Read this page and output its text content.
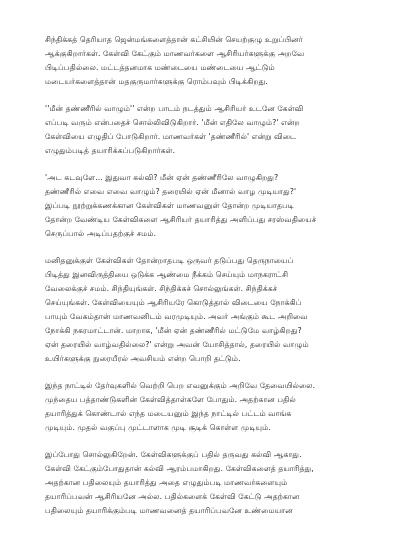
சிந்திக்கத் தெரியாத ஜென்மங்களைத்தான் கட்சியின் செயற்குழு உறுப்பினர்
ஆக்குகிறார்கள். கேள்வி கேட்கும் மாணவர்களை ஆசிரியர்களுக்கு அறவே
பிடிப்பதில்லை. மட்டத்தனமாக மண்டையை மண்டையை ஆட்டும்
மடையர்களைத்தான் மதகுருமார்களுக்கு ரொம்பவும் பிடிக்கிறது.
''மீன் தண்ணீரில் வாழும்'' என்ற பாடம் நடத்தும் ஆசிரியர் உடனே கேள்வி
எப்படி வரும் என்பதைச் சொல்லிவிடுகிறார். 'மீன் எதிலே வாழும்?' என்ற
கேள்வியை எழுதிப் போடுகிறார். மாணவர்கள் 'தண்ணீரில்' என்று விடை
எழுதும்படித் தயாரிக்கப்படுகிறார்கள்.
'அட கடவுளே... இதுவா கல்வி? மீன் ஏன் தண்ணீரிலே வாழுகிறது?
தண்ணீரில் எவை எவை வாழும்? தரையில் ஏன் மீனால் வாழ முடியாது?'
இப்படி நூற்றுக்கணக்கான கேள்விகள் மாணவனுள் தோன்ற முடியாதபடி
தோன்ற வேண்டிய கேள்விகளை ஆசிரியர் தயாரித்து அளிப்பது சரஸ்வதியைச்
செருப்பால் அடிப்பதற்குச் சமம்.
மனிதனுக்குள் கேள்விகள் தோன்றாதபடி ஒருவர் தடுப்பது தெருநாயைப்
பிடித்து இனவிருத்தியை ஒடுக்க ஆண்மை நீக்கம் செய்யும் மாநகராட்சி
வேலைக்குச் சமம். சிந்தியுங்கள். சிந்திக்கச் சொல்லுங்கள். சிந்திக்கச்
செய்யுங்கள். கேள்வியையும் ஆசிரியரே கொடுத்தால் விடையை நோக்கிப்
பாயும் வேகம்தான் மாணவனிடம் வரமுடியும். அவர் அங்கும் கூட அறிவை
நோக்கி நகரமாட்டான். மாறாக, 'மீன் ஏன் தண்ணீரில் மட்டுமே வாழ்கிறது?
ஏன் தரையில் வாழ்வதில்லை?' என்று அவன் யோசித்தால், தரையில் வாழும்
உயிர்களுக்கு நுரையீரல் அவசியம் என்ற பொறி தட்டும்.
இந்த நாட்டில் தேர்வுகளில் வெற்றி பெற எவனுக்கும் அறிவே தேவையில்லை.
முந்தைய பத்தாண்டுகளின் கேள்வித்தாள்களே போதும். அதற்கான பதில்
தயாரித்துக் கொண்டால் எந்த மடையனும் இந்த நாட்டில் பட்டம் வாங்க
முடியும். முதல் வகுப்பு முட்டாளாக முடி சூடிக் கொள்ள முடியும்.
இப்போது சொல்லுகிறேன். கேள்விகளுக்குப் பதில் தருவது கல்வி ஆகாது.
கேள்வி கேட்கும்போதுதான் கல்வி ஆரம்பமாகிறது. கேள்விகளைத் தயாரித்து,
அதற்கான பதிலையும் தயாரித்து அதை எழுதும்படி மாணவர்களையும்
தயாரிப்பவன் ஆசிரியனே அல்ல. பதில்களைக் கேள்வி கேட்டு அதற்கான
பதிலையும் தயாரிக்கும்படி மாணவனைத் தயாரிப்பவனே உண்மையான
